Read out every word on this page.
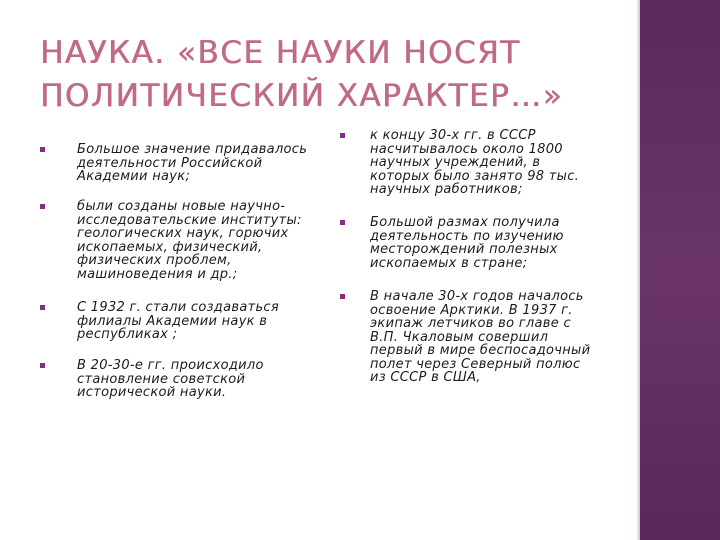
НАУКА. «ВСЕ НАУКИ НОСЯТ
ПОЛИТИЧЕСКИЙ ХАРАКТЕР…»
Большое значение придавалось
деятельности Российской
Академии наук;
были созданы новые научно-
исследовательские институты:
геологических наук, горючих
ископаемых, физический,
физических проблем,
машиноведения и др.;
С 1932 г. стали создаваться
филиалы Академии наук в
республиках ;
В 20-30-е гг. происходило
становление советской
исторической науки.
к концу 30-х гг. в СССР
насчитывалось около 1800
научных учреждений, в
которых было занято 98 тыс.
научных работников;
Большой размах получила
деятельность по изучению
месторождений полезных
ископаемых в стране;
В начале 30-х годов началось
освоение Арктики. В 1937 г.
экипаж летчиков во главе с
В.П. Чкаловым совершил
первый в мире беспосадочный
полет через Северный полюс
из СССР в США,
